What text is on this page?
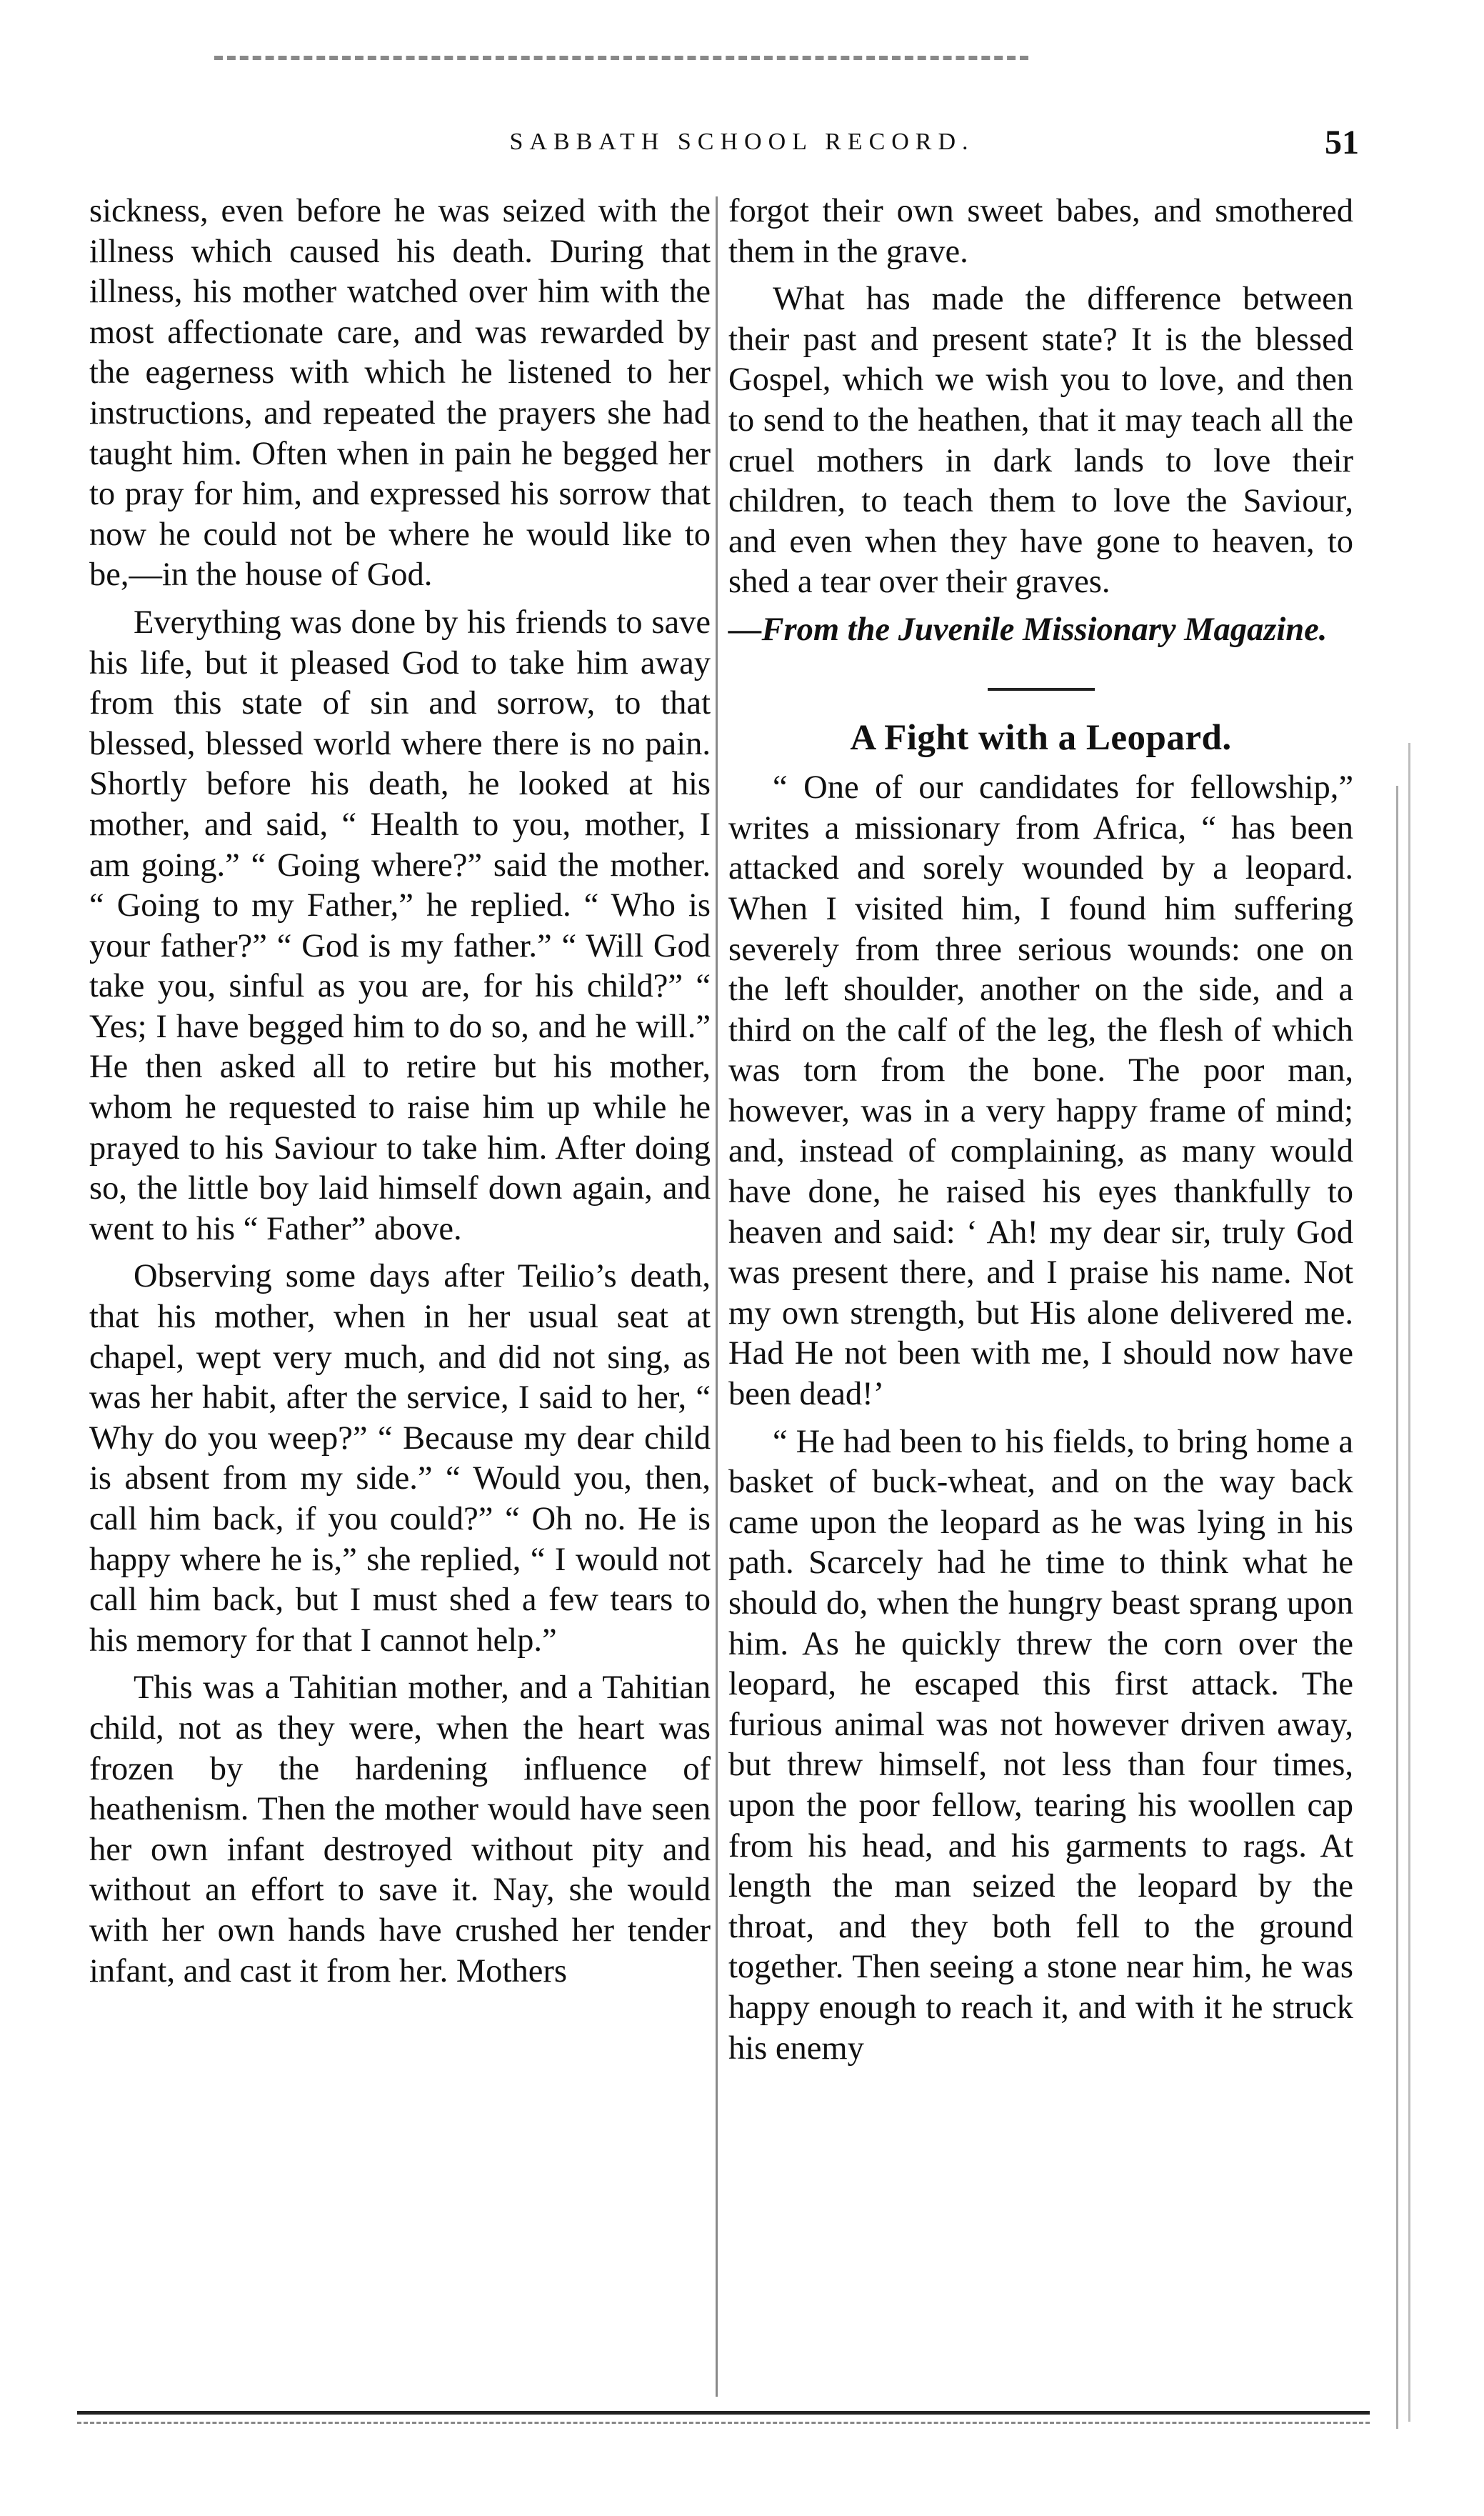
SABBATH SCHOOL RECORD.	51

sickness, even before he was seized with the illness which caused his death. During that illness, his mother watched over him with the most affectionate care, and was rewarded by the eagerness with which he listened to her instructions, and repeated the prayers she had taught him. Often when in pain he begged her to pray for him, and expressed his sorrow that now he could not be where he would like to be,—in the house of God.

Everything was done by his friends to save his life, but it pleased God to take him away from this state of sin and sorrow, to that blessed, blessed world where there is no pain. Shortly before his death, he looked at his mother, and said, “ Health to you, mother, I am going.” “ Going where?” said the mother. “ Going to my Father,” he replied. “ Who is your father?” “ God is my father.” “ Will God take you, sinful as you are, for his child?” “ Yes; I have begged him to do so, and he will.” He then asked all to retire but his mother, whom he requested to raise him up while he prayed to his Saviour to take him. After doing so, the little boy laid himself down again, and went to his “ Father” above.

Observing some days after Teilio’s death, that his mother, when in her usual seat at chapel, wept very much, and did not sing, as was her habit, after the service, I said to her, “ Why do you weep?” “ Because my dear child is absent from my side.” “ Would you, then, call him back, if you could?” “ Oh no. He is happy where he is,” she replied, “ I would not call him back, but I must shed a few tears to his memory for that I cannot help.”

This was a Tahitian mother, and a Tahitian child, not as they were, when the heart was frozen by the hardening influence of heathenism. Then the mother would have seen her own infant destroyed without pity and without an effort to save it. Nay, she would with her own hands have crushed her tender infant, and cast it from her. Mothers

forgot their own sweet babes, and smothered them in the grave.

What has made the difference between their past and present state? It is the blessed Gospel, which we wish you to love, and then to send to the heathen, that it may teach all the cruel mothers in dark lands to love their children, to teach them to love the Saviour, and even when they have gone to heaven, to shed a tear over their graves.

—From the Juvenile Missionary Magazine.

A Fight with a Leopard.

“ One of our candidates for fellowship,” writes a missionary from Africa, “ has been attacked and sorely wounded by a leopard. When I visited him, I found him suffering severely from three serious wounds: one on the left shoulder, another on the side, and a third on the calf of the leg, the flesh of which was torn from the bone. The poor man, however, was in a very happy frame of mind; and, instead of complaining, as many would have done, he raised his eyes thankfully to heaven and said: ‘ Ah! my dear sir, truly God was present there, and I praise his name. Not my own strength, but His alone delivered me. Had He not been with me, I should now have been dead!’

“ He had been to his fields, to bring home a basket of buck-wheat, and on the way back came upon the leopard as he was lying in his path. Scarcely had he time to think what he should do, when the hungry beast sprang upon him. As he quickly threw the corn over the leopard, he escaped this first attack. The furious animal was not however driven away, but threw himself, not less than four times, upon the poor fellow, tearing his woollen cap from his head, and his garments to rags. At length the man seized the leopard by the throat, and they both fell to the ground together. Then seeing a stone near him, he was happy enough to reach it, and with it he struck his enemy
